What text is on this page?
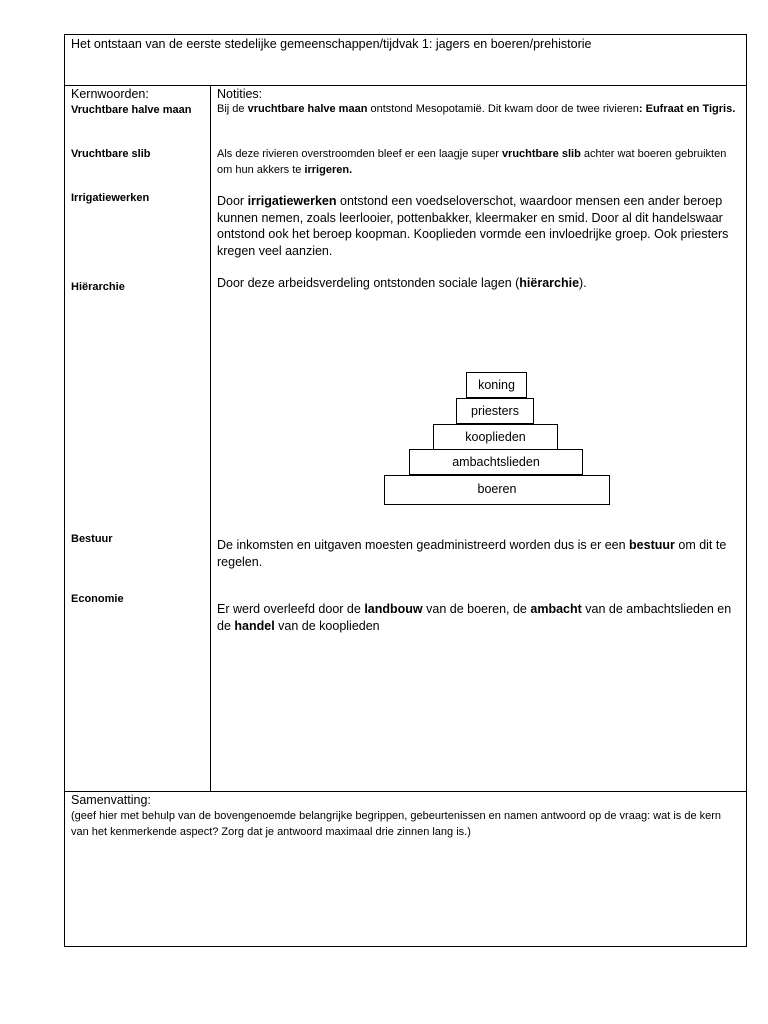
Het ontstaan van de eerste stedelijke gemeenschappen/tijdvak 1: jagers en boeren/prehistorie
Kernwoorden:	Notities:
Vruchtbare halve maan
Vruchtbare slib
Irrigatiewerken
Hiërarchie
Bestuur
Economie
Bij de vruchtbare halve maan ontstond Mesopotamië. Dit kwam door de twee rivieren: Eufraat en Tigris.
Als deze rivieren overstroomden bleef er een laagje super vruchtbare slib achter wat boeren gebruikten om hun akkers te irrigeren.
Door irrigatiewerken ontstond een voedseloverschot, waardoor mensen een ander beroep kunnen nemen, zoals leerlooier, pottenbakker, kleermaker en smid. Door al dit handelswaar ontstond ook het beroep koopman. Kooplieden vormde een invloedrijke groep. Ook priesters kregen veel aanzien.
Door deze arbeidsverdeling ontstonden sociale lagen (hiërarchie).
koning
priesters
kooplieden
ambachtslieden
boeren
De inkomsten en uitgaven moesten geadministreerd worden dus is er een bestuur om dit te regelen.
Er werd overleefd door de landbouw van de boeren, de ambacht van de ambachtslieden en de handel van de kooplieden
Samenvatting:
(geef hier met behulp van de bovengenoemde belangrijke begrippen, gebeurtenissen en namen antwoord op de vraag: wat is de kern van het kenmerkende aspect? Zorg dat je antwoord maximaal drie zinnen lang is.)
